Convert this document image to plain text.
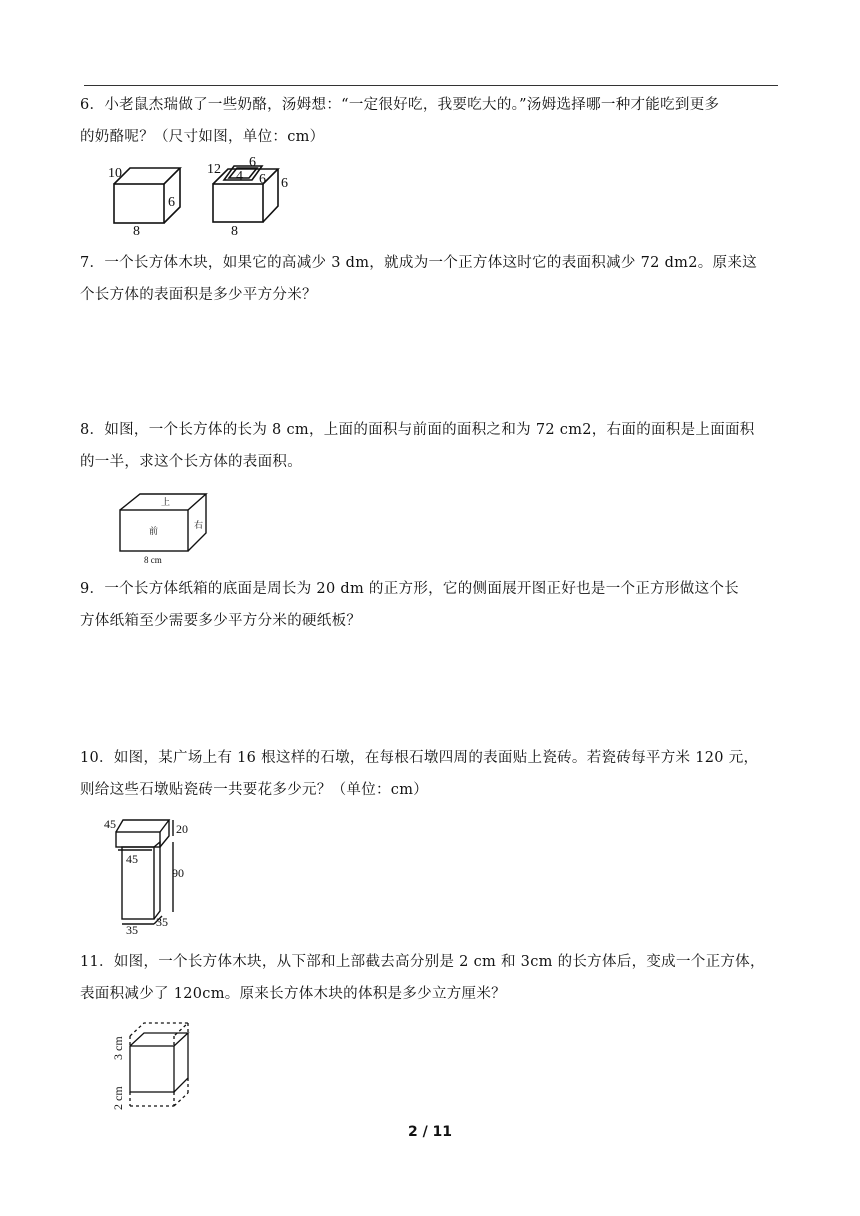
6．小老鼠杰瑞做了一些奶酪，汤姆想：“一定很好吃，我要吃大的。”汤姆选择哪一种才能吃到更多
的奶酪呢？（尺寸如图，单位：cm）
10
6
8
12 6
4 6 6
8
7．一个长方体木块，如果它的高减少 3 dm，就成为一个正方体这时它的表面积减少 72 dm2。原来这
个长方体的表面积是多少平方分米？
8．如图，一个长方体的长为 8 cm，上面的面积与前面的面积之和为 72 cm2，右面的面积是上面面积
的一半，求这个长方体的表面积。
上
前
右
8 cm
9．一个长方体纸箱的底面是周长为 20 dm 的正方形，它的侧面展开图正好也是一个正方形做这个长
方体纸箱至少需要多少平方分米的硬纸板？
10．如图，某广场上有 16 根这样的石墩，在每根石墩四周的表面贴上瓷砖。若瓷砖每平方米 120 元，
则给这些石墩贴瓷砖一共要花多少元？（单位：cm）
45	20
45
90
35
35
11．如图，一个长方体木块，从下部和上部截去高分别是 2 cm 和 3cm 的长方体后，变成一个正方体，
表面积减少了 120cm。原来长方体木块的体积是多少立方厘米？
3 cm
2 cm
2 / 11
